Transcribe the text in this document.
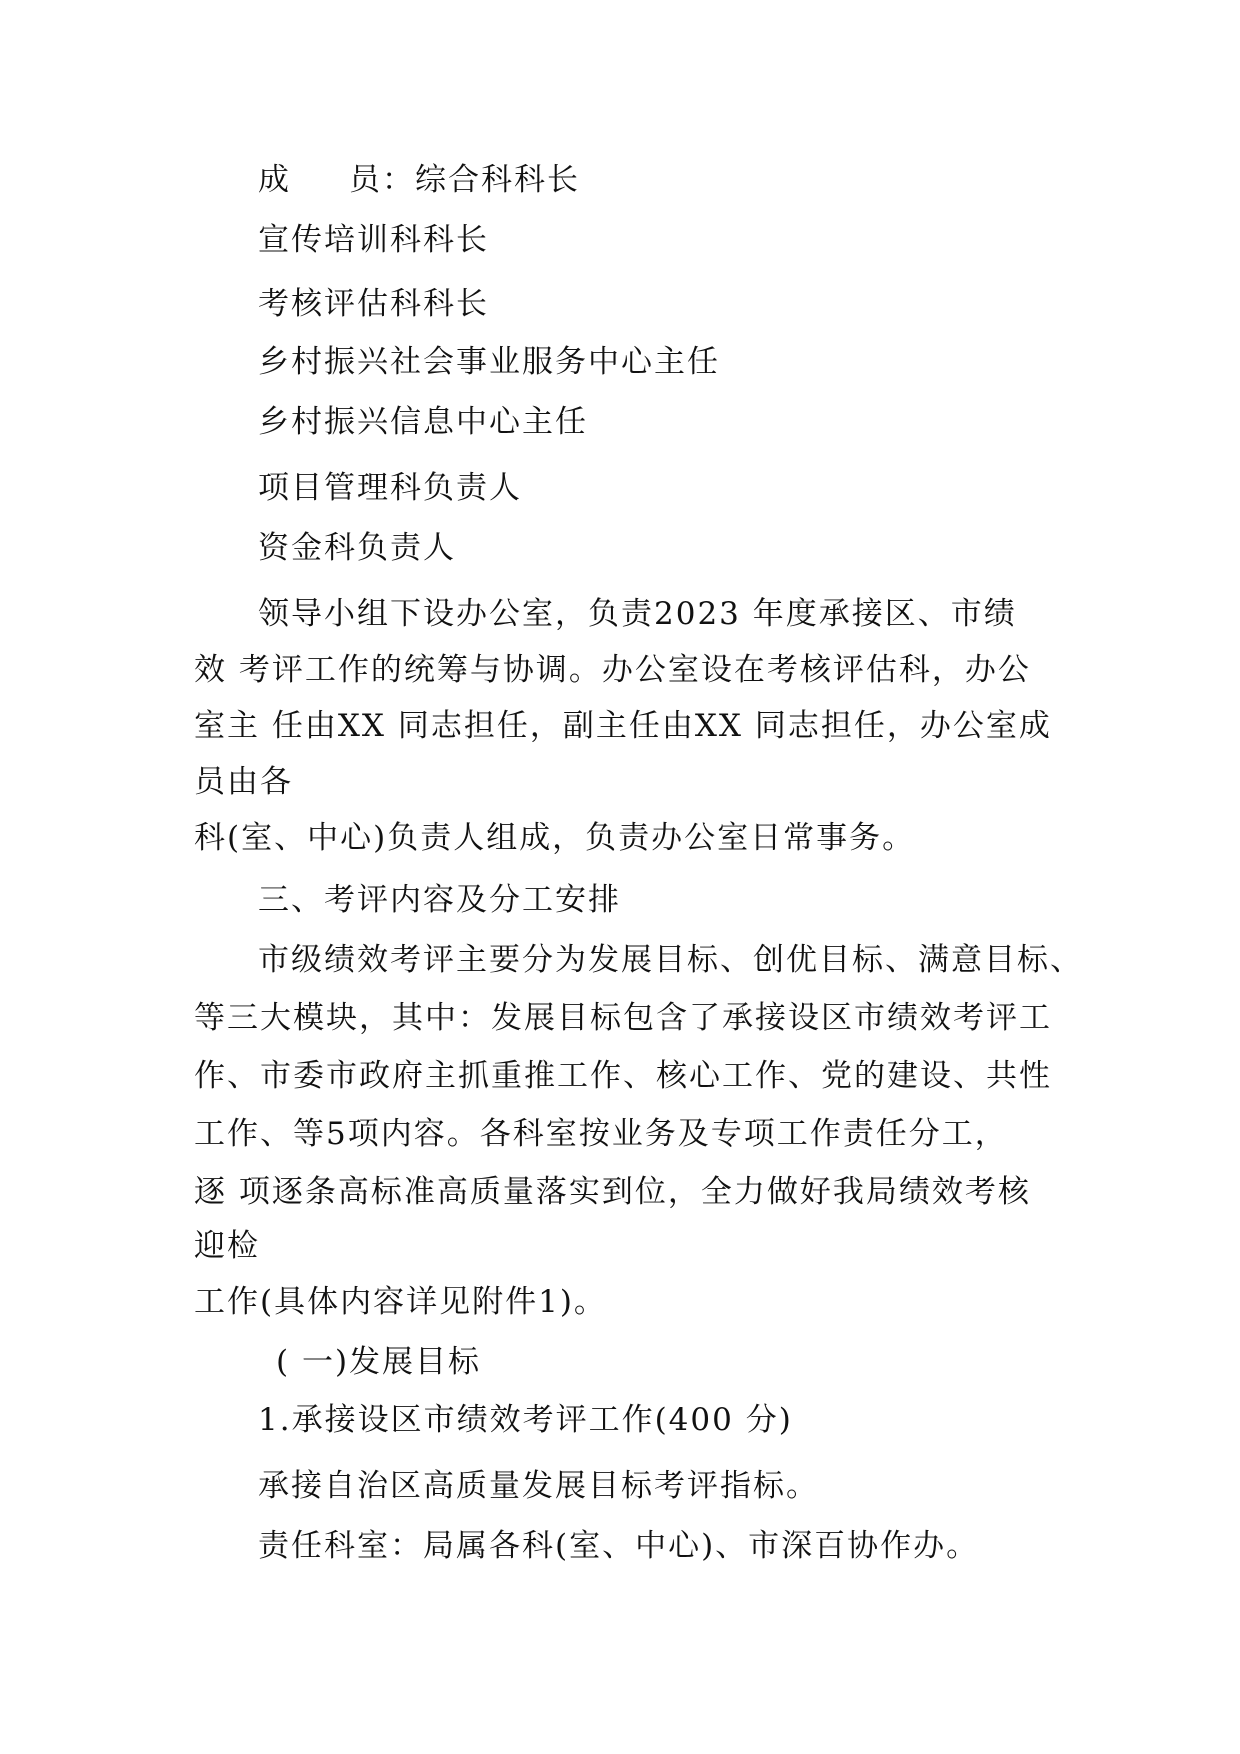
成 员：综合科科长
宣传培训科科长
考核评估科科长
乡村振兴社会事业服务中心主任
乡村振兴信息中心主任
项目管理科负责人
资金科负责人
领导小组下设办公室，负责2023 年度承接区、市绩
效 考评工作的统筹与协调。办公室设在考核评估科，办公
室主 任由XX 同志担任，副主任由XX 同志担任，办公室成
员由各
科(室、中心)负责人组成，负责办公室日常事务。
三、考评内容及分工安排
市级绩效考评主要分为发展目标、创优目标、满意目标、
等三大模块，其中：发展目标包含了承接设区市绩效考评工
作、市委市政府主抓重推工作、核心工作、党的建设、共性
工作、等5项内容。各科室按业务及专项工作责任分工，
逐 项逐条高标准高质量落实到位，全力做好我局绩效考核
迎检
工作(具体内容详见附件1)。
( 一)发展目标
1.承接设区市绩效考评工作(400 分)
承接自治区高质量发展目标考评指标。
责任科室：局属各科(室、中心)、市深百协作办。
